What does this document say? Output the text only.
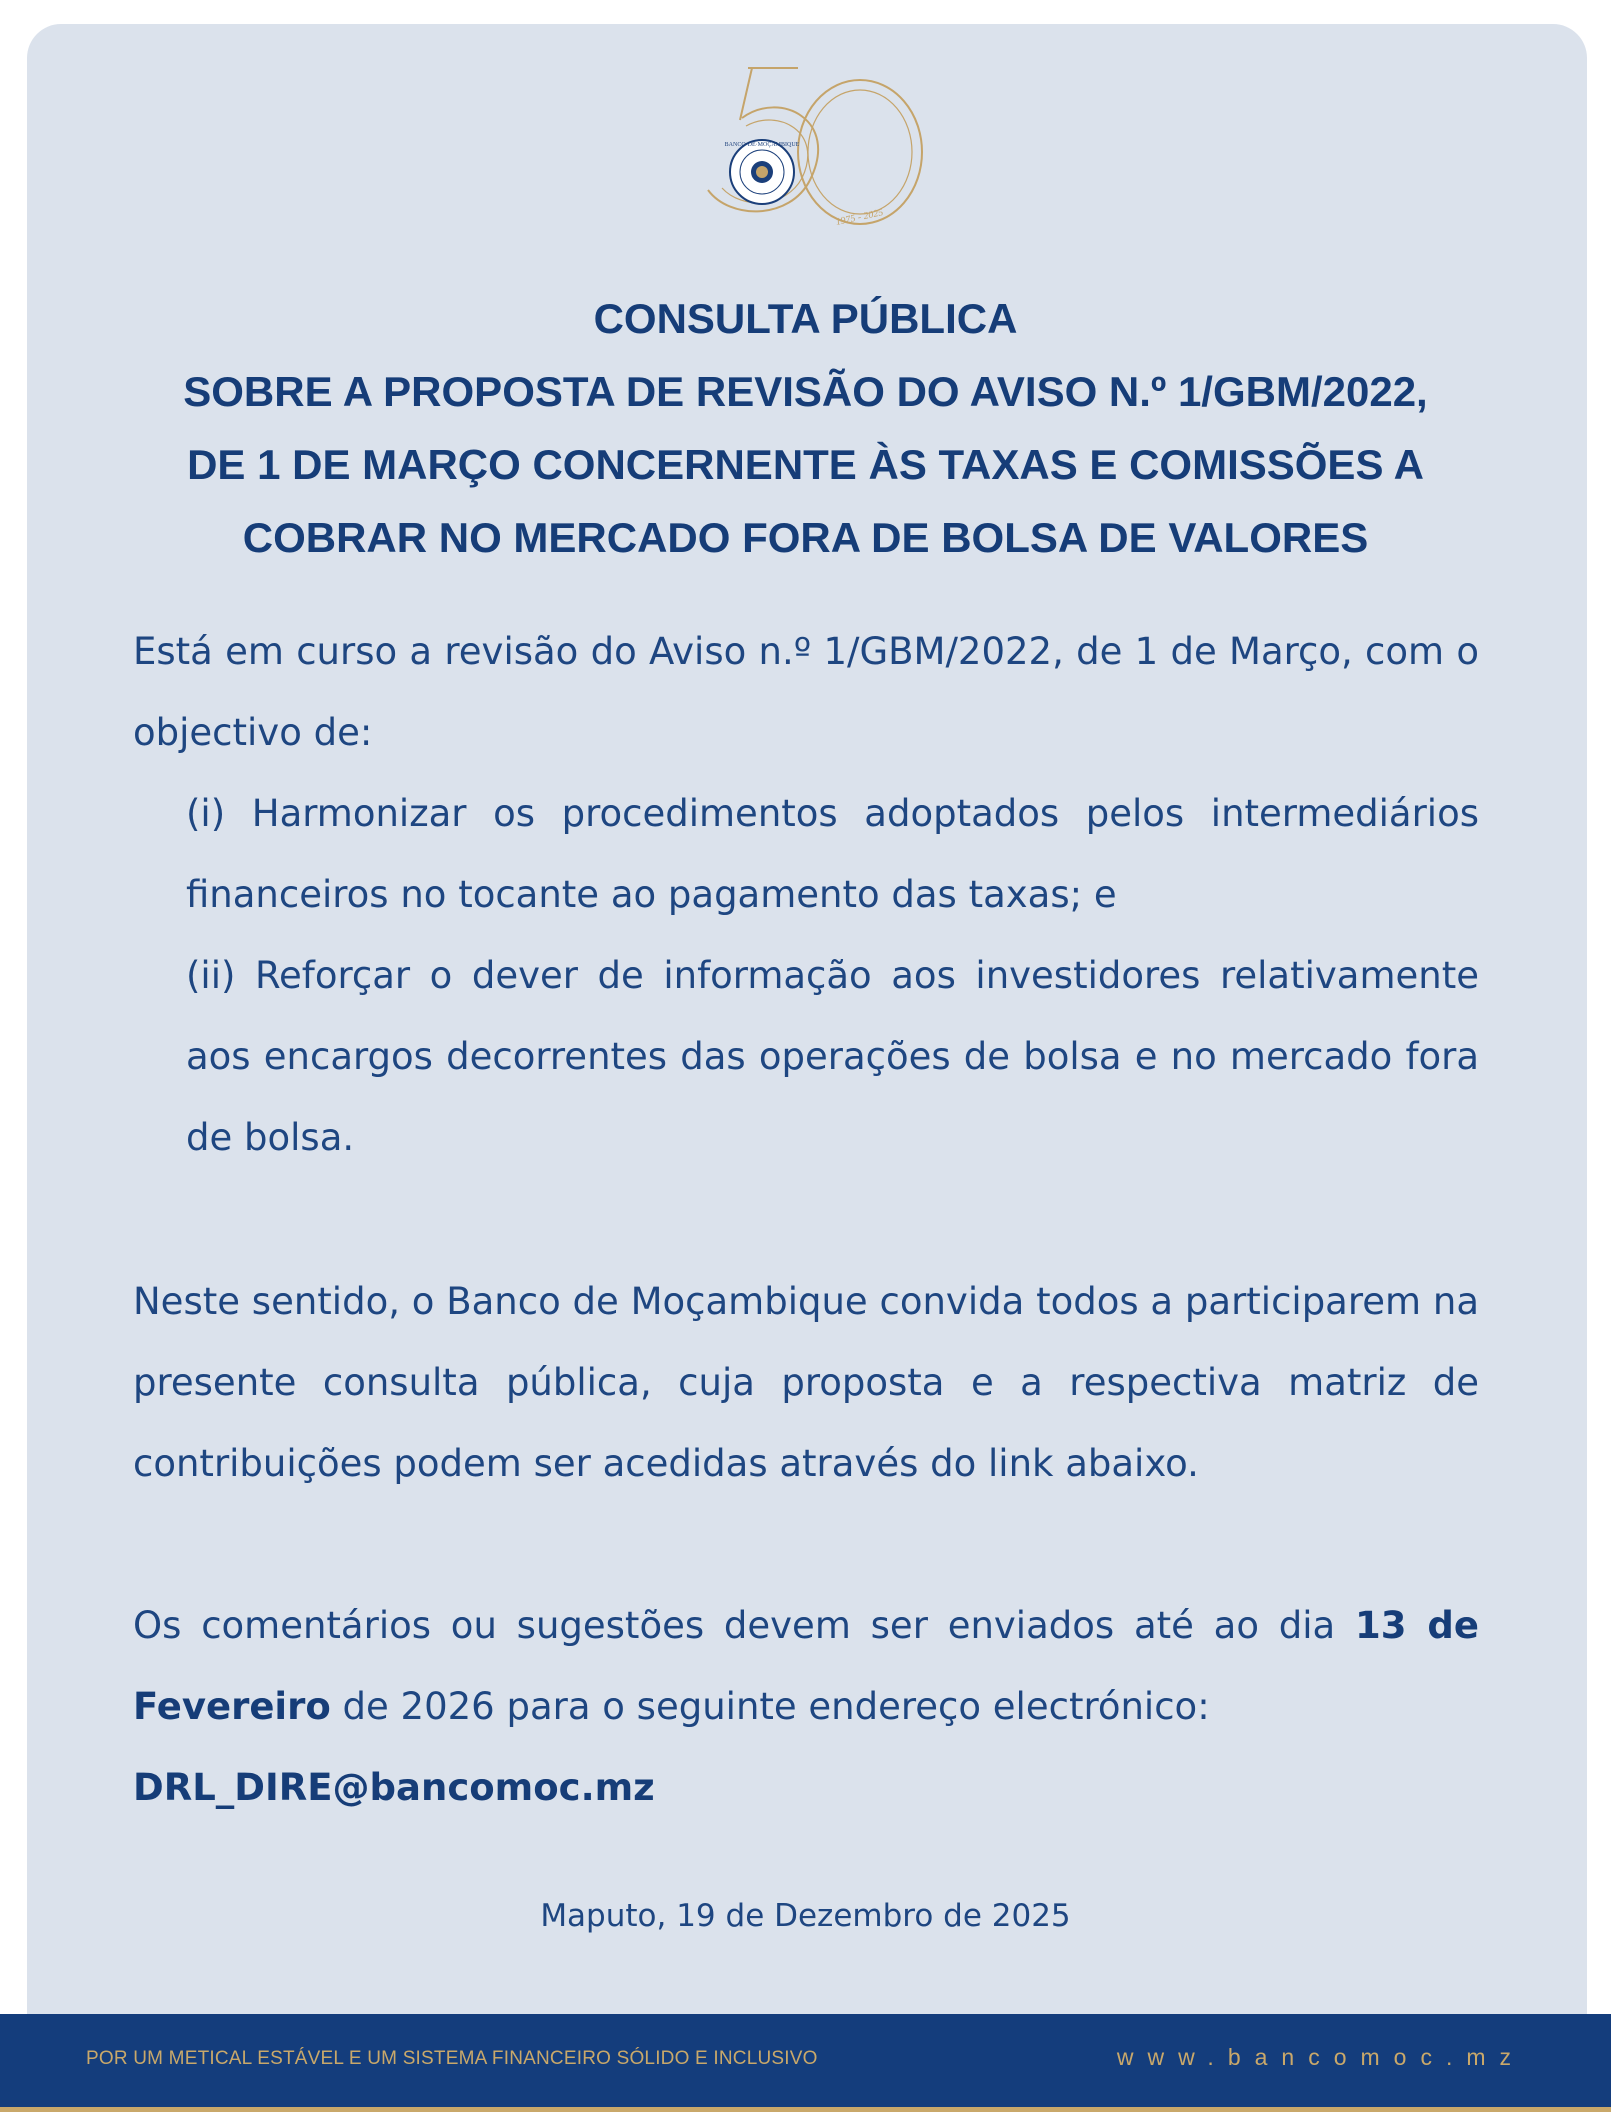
BANCO·DE·MOÇAMBIQUE
1975 - 2025
CONSULTA PÚBLICA
SOBRE A PROPOSTA DE REVISÃO DO AVISO N.º 1/GBM/2022,
DE 1 DE MARÇO CONCERNENTE ÀS TAXAS E COMISSÕES A
COBRAR NO MERCADO FORA DE BOLSA DE VALORES

Está em curso a revisão do Aviso n.º 1/GBM/2022, de 1 de Março, com o objectivo de:

(i) Harmonizar os procedimentos adoptados pelos intermediários financeiros no tocante ao pagamento das taxas; e

(ii) Reforçar o dever de informação aos investidores relativamente aos encargos decorrentes das operações de bolsa e no mercado fora de bolsa.

Neste sentido, o Banco de Moçambique convida todos a participarem na presente consulta pública, cuja proposta e a respectiva matriz de contribuições podem ser acedidas através do link abaixo.

Os comentários ou sugestões devem ser enviados até ao dia 13 de Fevereiro de 2026 para o seguinte endereço electrónico:
DRL_DIRE@bancomoc.mz

Maputo, 19 de Dezembro de 2025
POR UM METICAL ESTÁVEL E UM SISTEMA FINANCEIRO SÓLIDO E INCLUSIVO	www.bancomoc.mz
